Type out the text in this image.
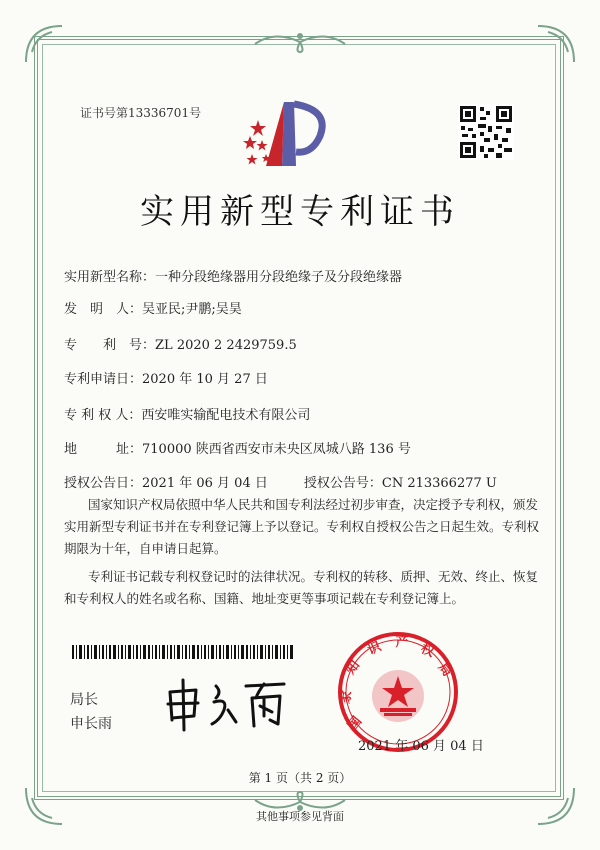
证书号第13336701号
实用新型专利证书
实用新型名称：一种分段绝缘器用分段绝缘子及分段绝缘器
发　明　人：吴亚民;尹鹏;吴昊
专　　利　号：ZL 2020 2 2429759.5
专利申请日：2020 年 10 月 27 日
专 利 权 人：西安唯实输配电技术有限公司
地　　　址：710000 陕西省西安市未央区凤城八路 136 号
授权公告日：2021 年 06 月 04 日	授权公告号：CN 213366277 U
国家知识产权局依照中华人民共和国专利法经过初步审查，决定授予专利权，颁发实用新型专利证书并在专利登记簿上予以登记。专利权自授权公告之日起生效。专利权期限为十年，自申请日起算。
专利证书记载专利权登记时的法律状况。专利权的转移、质押、无效、终止、恢复和专利权人的姓名或名称、国籍、地址变更等事项记载在专利登记簿上。
局长
申长雨	国
家
知
识 产 权
局
2021 年 06 月 04 日
第 1 页（共 2 页）
其他事项参见背面
